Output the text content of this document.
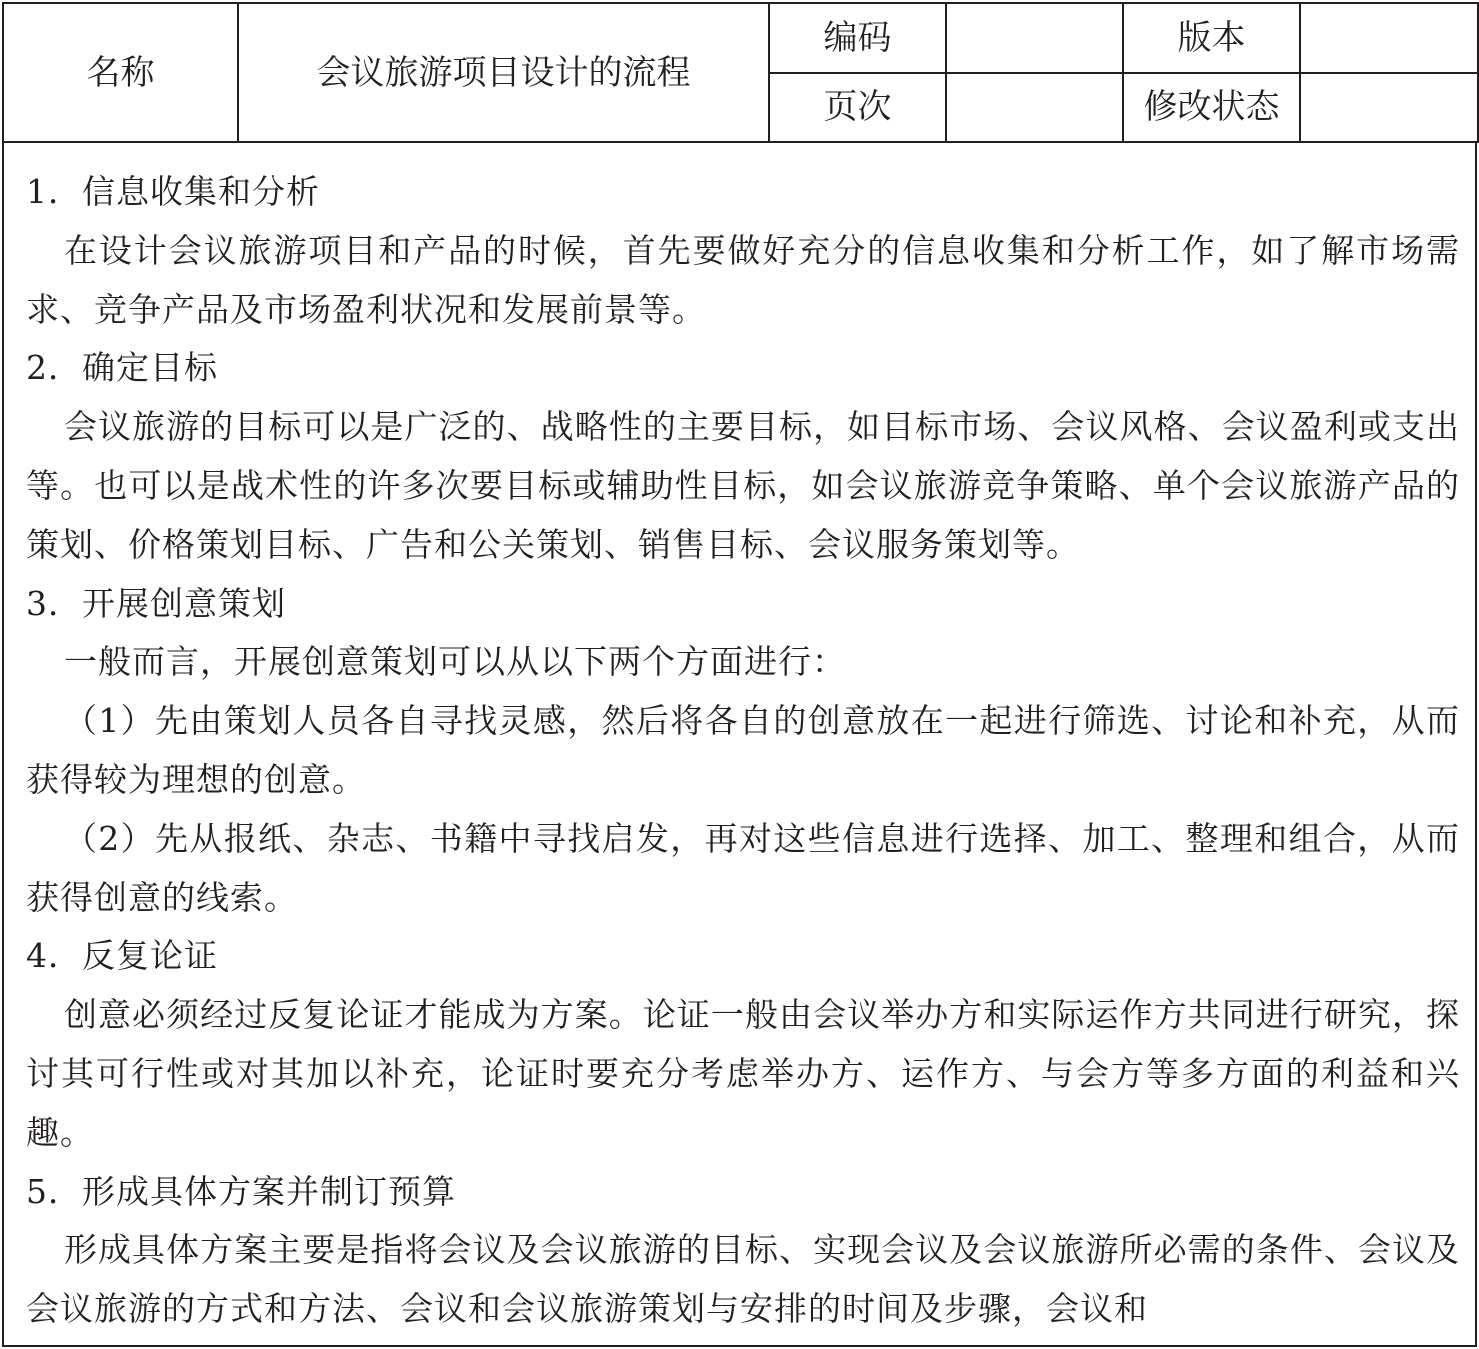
名称	会议旅游项目设计的流程	编码		版本	
		页次		修改状态	

1．信息收集和分析

在设计会议旅游项目和产品的时候，首先要做好充分的信息收集和分析工作，如了解市场需求、竞争产品及市场盈利状况和发展前景等。

2．确定目标

会议旅游的目标可以是广泛的、战略性的主要目标，如目标市场、会议风格、会议盈利或支出等。也可以是战术性的许多次要目标或辅助性目标，如会议旅游竞争策略、单个会议旅游产品的策划、价格策划目标、广告和公关策划、销售目标、会议服务策划等。

3．开展创意策划

一般而言，开展创意策划可以从以下两个方面进行：

（1）先由策划人员各自寻找灵感，然后将各自的创意放在一起进行筛选、讨论和补充，从而获得较为理想的创意。

（2）先从报纸、杂志、书籍中寻找启发，再对这些信息进行选择、加工、整理和组合，从而获得创意的线索。

4．反复论证

创意必须经过反复论证才能成为方案。论证一般由会议举办方和实际运作方共同进行研究，探讨其可行性或对其加以补充，论证时要充分考虑举办方、运作方、与会方等多方面的利益和兴趣。

5．形成具体方案并制订预算

形成具体方案主要是指将会议及会议旅游的目标、实现会议及会议旅游所必需的条件、会议及会议旅游的方式和方法、会议和会议旅游策划与安排的时间及步骤，会议和
